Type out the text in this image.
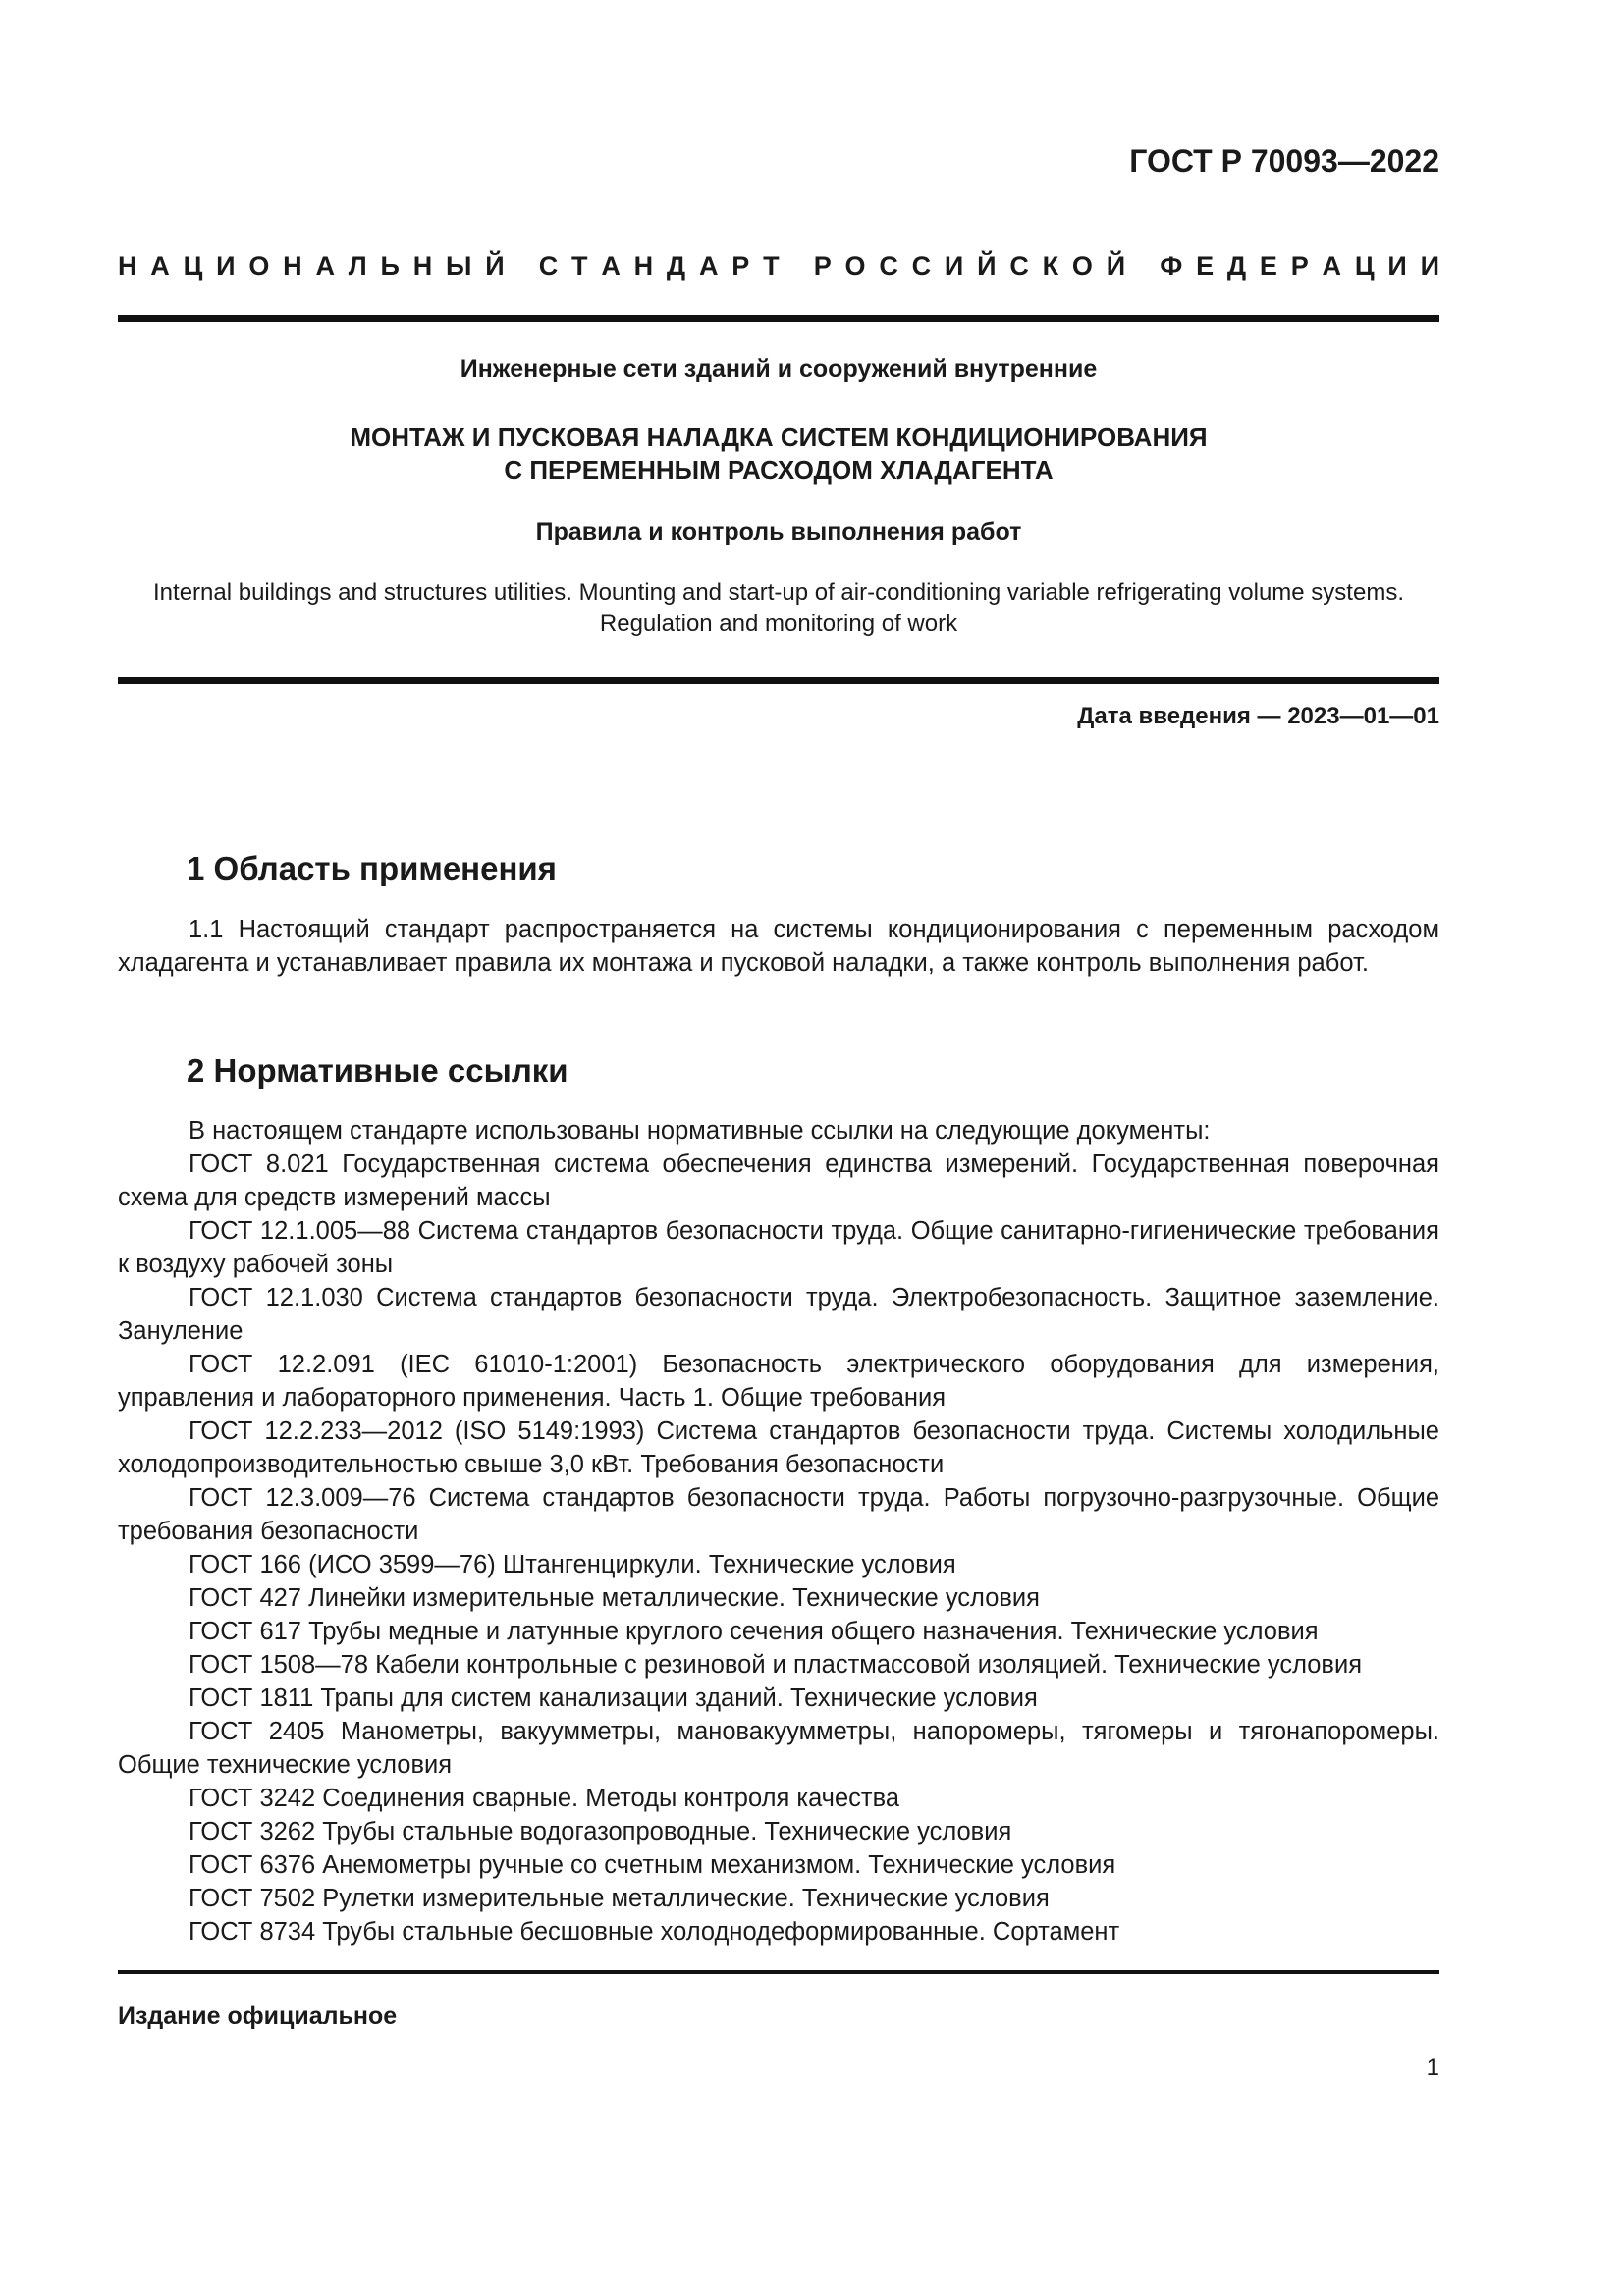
ГОСТ Р 70093—2022
Н А Ц И О Н А Л Ь Н Ы Й
С Т А Н Д А Р Т
Р О С С И Й С К О Й
Ф Е Д Е Р А Ц И И
Инженерные сети зданий и сооружений внутренние
МОНТАЖ И ПУСКОВАЯ НАЛАДКА СИСТЕМ КОНДИЦИОНИРОВАНИЯ
С ПЕРЕМЕННЫМ РАСХОДОМ ХЛАДАГЕНТА
Правила и контроль выполнения работ
Internal buildings and structures utilities. Mounting and start-up of air-conditioning variable refrigerating volume systems.
Regulation and monitoring of work
Дата введения — 2023—01—01
1 Область применения

1.1 Настоящий стандарт распространяется на системы кондиционирования с переменным расходом хладагента и устанавливает правила их монтажа и пусковой наладки, а также контроль выполнения работ.

2 Нормативные ссылки

В настоящем стандарте использованы нормативные ссылки на следующие документы:

ГОСТ 8.021 Государственная система обеспечения единства измерений. Государственная поверочная схема для средств измерений массы

ГОСТ 12.1.005—88 Система стандартов безопасности труда. Общие санитарно-гигиенические требования к воздуху рабочей зоны

ГОСТ 12.1.030 Система стандартов безопасности труда. Электробезопасность. Защитное заземление. Зануление

ГОСТ 12.2.091 (IEC 61010-1:2001) Безопасность электрического оборудования для измерения, управления и лабораторного применения. Часть 1. Общие требования

ГОСТ 12.2.233—2012 (ISO 5149:1993) Система стандартов безопасности труда. Системы холодильные холодопроизводительностью свыше 3,0 кВт. Требования безопасности

ГОСТ 12.3.009—76 Система стандартов безопасности труда. Работы погрузочно-разгрузочные. Общие требования безопасности

ГОСТ 166 (ИСО 3599—76) Штангенциркули. Технические условия

ГОСТ 427 Линейки измерительные металлические. Технические условия

ГОСТ 617 Трубы медные и латунные круглого сечения общего назначения. Технические условия

ГОСТ 1508—78 Кабели контрольные с резиновой и пластмассовой изоляцией. Технические условия

ГОСТ 1811 Трапы для систем канализации зданий. Технические условия

ГОСТ 2405 Манометры, вакуумметры, мановакуумметры, напоромеры, тягомеры и тягонапоромеры. Общие технические условия

ГОСТ 3242 Соединения сварные. Методы контроля качества

ГОСТ 3262 Трубы стальные водогазопроводные. Технические условия

ГОСТ 6376 Анемометры ручные со счетным механизмом. Технические условия

ГОСТ 7502 Рулетки измерительные металлические. Технические условия

ГОСТ 8734 Трубы стальные бесшовные холоднодеформированные. Сортамент

Издание официальное
1
